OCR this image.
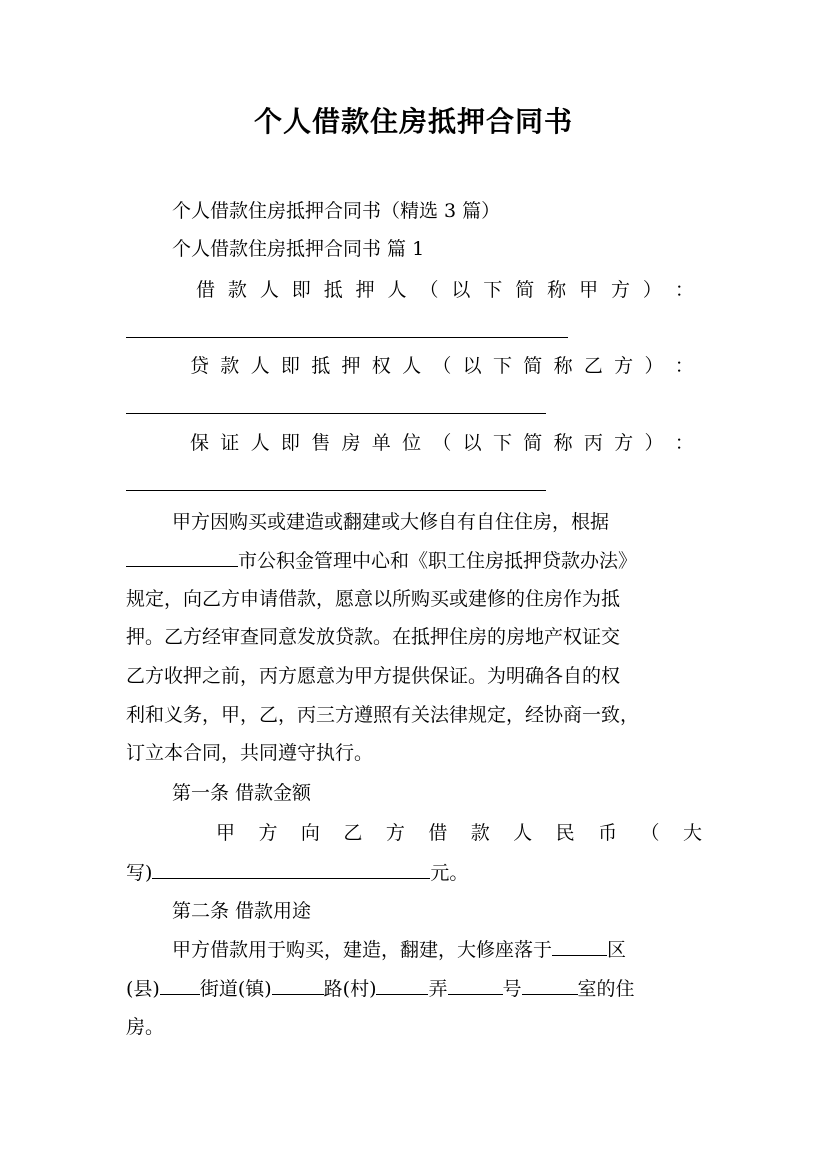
个人借款住房抵押合同书
个人借款住房抵押合同书（精选 3 篇）
个人借款住房抵押合同书 篇 1
借 款 人 即 抵 押 人 （ 以 下 简 称 甲 方 ） ：
贷 款 人 即 抵 押 权 人 （ 以 下 简 称 乙 方 ） ：
保 证 人 即 售 房 单 位 （ 以 下 简 称 丙 方 ） ：
甲方因购买或建造或翻建或大修自有自住住房，根据
市公积金管理中心和《职工住房抵押贷款办法》
规定，向乙方申请借款，愿意以所购买或建修的住房作为抵
押。乙方经审查同意发放贷款。在抵押住房的房地产权证交
乙方收押之前，丙方愿意为甲方提供保证。为明确各自的权
利和义务，甲，乙，丙三方遵照有关法律规定，经协商一致，
订立本合同，共同遵守执行。
第一条 借款金额
甲 方 向 乙 方 借 款 人 民 币 （ 大
写)	元。
第二条 借款用途
甲方借款用于购买，建造，翻建，大修座落于	区
(县) 街道(镇)	路(村)	弄	号	室的住
房。
